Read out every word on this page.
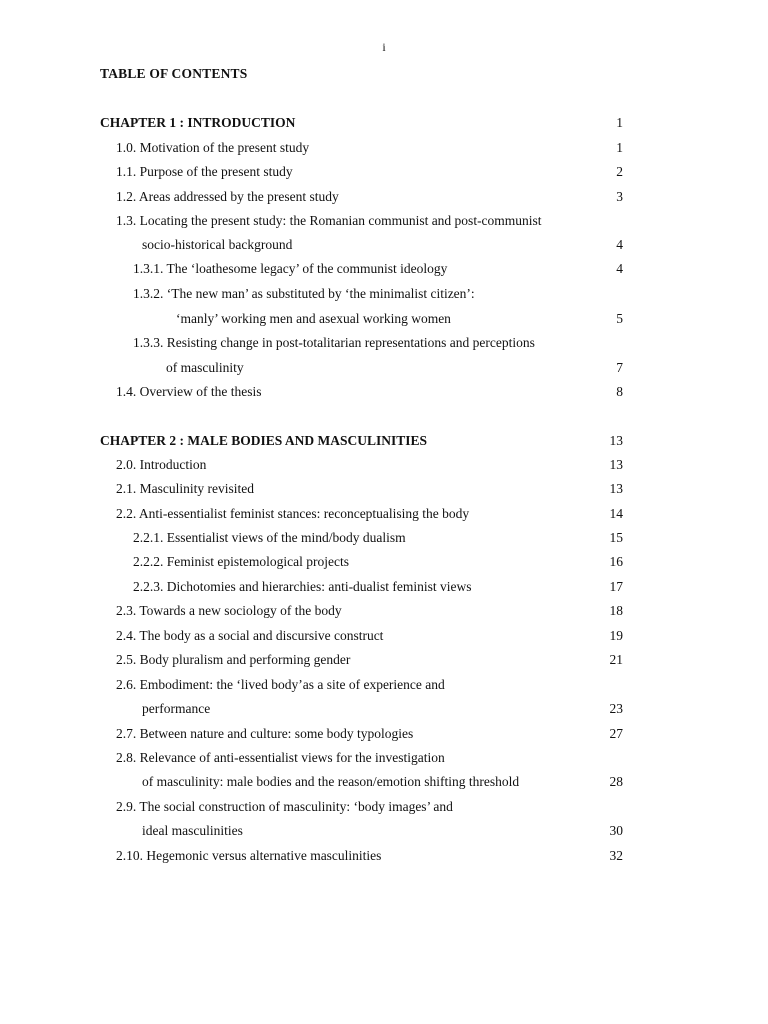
i
TABLE OF CONTENTS
CHAPTER 1 : INTRODUCTION	1
1.0. Motivation of the present study	1
1.1. Purpose of the present study	2
1.2. Areas addressed by the present study	3
1.3. Locating the present study: the Romanian communist and post-communist
socio-historical background	4
1.3.1. The ‘loathesome legacy’ of the communist ideology	4
1.3.2. ‘The new man’ as substituted by ‘the minimalist citizen’:
‘manly’ working men and asexual working women	5
1.3.3. Resisting change in post-totalitarian representations and perceptions
of masculinity	7
1.4. Overview of the thesis	8
CHAPTER 2 : MALE BODIES AND MASCULINITIES	13
2.0. Introduction	13
2.1. Masculinity revisited	13
2.2. Anti-essentialist feminist stances: reconceptualising the body	14
2.2.1. Essentialist views of the mind/body dualism	15
2.2.2. Feminist epistemological projects	16
2.2.3. Dichotomies and hierarchies: anti-dualist feminist views	17
2.3. Towards a new sociology of the body	18
2.4. The body as a social and discursive construct	19
2.5. Body pluralism and performing gender	21
2.6. Embodiment: the ‘lived body’as a site of experience and
performance	23
2.7. Between nature and culture: some body typologies	27
2.8. Relevance of anti-essentialist views for the investigation
of masculinity: male bodies and the reason/emotion shifting threshold	28
2.9. The social construction of masculinity: ‘body images’ and
ideal masculinities	30
2.10. Hegemonic versus alternative masculinities	32
